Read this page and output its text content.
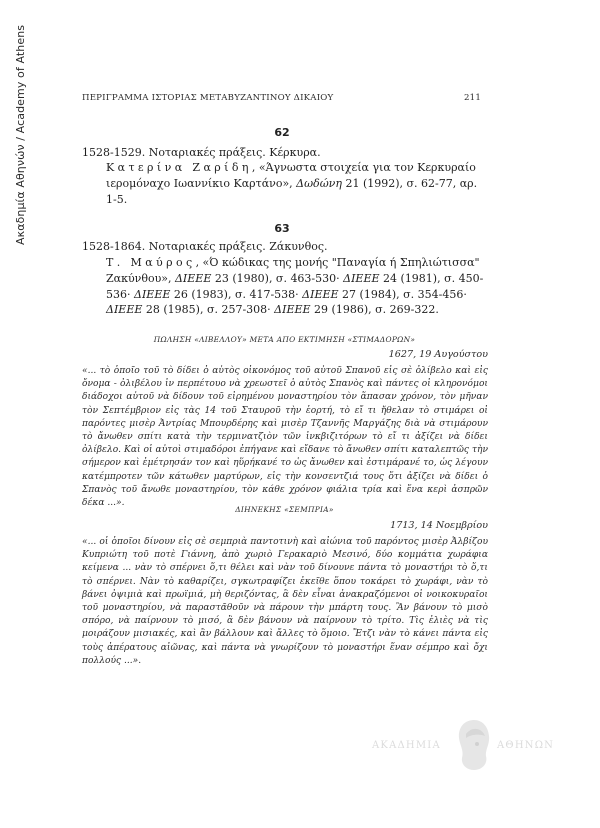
Ακαδημία Αθηνών / Academy of Athens	ΠΕΡΙΓΡΑΜΜΑ ΙΣΤΟΡΙΑΣ ΜΕΤΑΒΥΖΑΝΤΙΝΟΥ ΔΙΚΑΙΟΥ	211
62
1528-1529. Νοταριακές πράξεις. Κέρκυρα.
Κατερίνα Ζαρίδη, «Άγνωστα στοιχεία για τον Κερκυραίο ιερομόναχο Ιωαννίκιο Καρτάνο», Δωδώνη 21 (1992), σ. 62-77, αρ. 1-5.
63
1528-1864. Νοταριακές πράξεις. Ζάκυνθος.
Τ. Μαύρος, «Ό κώδικας της μονής "Παναγία ή Σπηλιώτισσα" Ζακύνθου», ΔΙΕΕΕ 23 (1980), σ. 463-530· ΔΙΕΕΕ 24 (1981), σ. 450-536· ΔΙΕΕΕ 26 (1983), σ. 417-538· ΔΙΕΕΕ 27 (1984), σ. 354-456· ΔΙΕΕΕ 28 (1985), σ. 257-308· ΔΙΕΕΕ 29 (1986), σ. 269-322.
ΠΩΛΗΣΗ «ΛΙΒΕΛΛΟΥ» ΜΕΤΑ ΑΠΟ ΕΚΤΙΜΗΣΗ «ΣΤΙΜΑΔΟΡΩΝ»
1627, 19 Αυγούστου
«... τὸ ὁποῖο τοῦ τὸ δίδει ὁ αὐτὸς οἰκονόμος τοῦ αὐτοῦ Σπανοῦ εἰς σὲ ὀλίβελο καὶ εἰς ὄνομα - ὀλιβέλου ἰν περπέτουο νὰ χρεωστεῖ ὁ αὐτὸς Σπανὸς καὶ πάντες οἱ κληρονόμοι διάδοχοι αὐτοῦ νὰ δίδουν τοῦ εἰρημένου μοναστηρίου τὸν ἅπασαν χρόνον, τὸν μῆναν τὸν Σεπτέμβριον εἰς τὰς 14 τοῦ Σταυροῦ τὴν ἑορτή, τὸ εἴ τι ἤθελαν τὸ στιμάρει οἱ παρόντες μισὲρ Ἀντρίας Μπουρδέρης καὶ μισὲρ Τζαννῆς Μαργάζης διὰ νὰ στιμάρουν τὸ ἄνωθεν σπίτι κατὰ τὴν τερμινατζιὸν τῶν ἰνκβιζιτόρων τὸ εἴ τι ἀξίζει νὰ δίδει ὀλίβελο. Καὶ οἱ αὐτοὶ στιμαδόροι ἐπήγανε καὶ εἴδανε τὸ ἄνωθεν σπίτι καταλεπτῶς τὴν σήμερον καὶ ἐμέτρησάν τον καὶ ηὕρήκανέ το ὡς ἄνωθεν καὶ ἐστιμάρανέ το, ὡς λέγουν κατέμπροτεν τῶν κάτωθεν μαρτύρων, εἰς τὴν κονσεντζιά τους ὅτι ἀξίζει νὰ δίδει ὁ Σπανὸς τοῦ ἄνωθε μοναστηρίου, τὸν κάθε χρόνον φιάλια τρία καὶ ἕνα κερὶ ἀσπρῶν δέκα ...».
ΔΙΗΝΕΚΗΣ «ΣΕΜΠΡΙΑ»
1713, 14 Νοεμβρίου
«... οἱ ὁποῖοι δίνουν εἰς σὲ σεμπριὰ παντοτινὴ καὶ αἰώνια τοῦ παρόντος μισὲρ Ἀλβίζου Κυπριώτη τοῦ ποτὲ Γιάννη, ἀπὸ χωριὸ Γερακαριὸ Μεσινό, δύο κομμάτια χωράφια κείμενα ... νὰν τὸ σπέρνει ὅ,τι θέλει καὶ νὰν τοῦ δίνουνε πάντα τὸ μοναστήρι τὸ ὅ,τι τὸ σπέρνει. Νὰν τὸ καθαρίζει, σγκωτραφίζει ἐκεῖθε ὅπου τοκάρει τὸ χωράφι, νὰν τὸ βάνει ὀψιμιὰ καὶ πρωϊμιά, μὴ θεριζόντας, ἃ δὲν εἶναι ἀνακραζόμενοι οἱ νοικοκυραῖοι τοῦ μοναστηρίου, νὰ παραστᾶθοῦν νὰ πάρουν τὴν μπάρτη τους. Ἂν βάνουν τὸ μισὸ σπόρο, νὰ παίρνουν τὸ μισό, ἂ δὲν βάνουν νὰ παίρνουν τὸ τρίτο. Τὶς ἐλιὲς νὰ τὶς μοιράζουν μισιακές, καὶ ἂν βάλλουν καὶ ἄλλες τὸ ὅμοιο. Ἔτζι νὰν τὸ κάνει πάντα εἰς τοὺς ἀπέρατους αἰῶνας, καὶ πάντα νὰ γνωρίζουν τὸ μοναστήρι ἕναν σέμπρο καὶ ὄχι πολλούς ...».
ΑΚΑΔΗΜΙΑ	ΑΘΗΝΩΝ
